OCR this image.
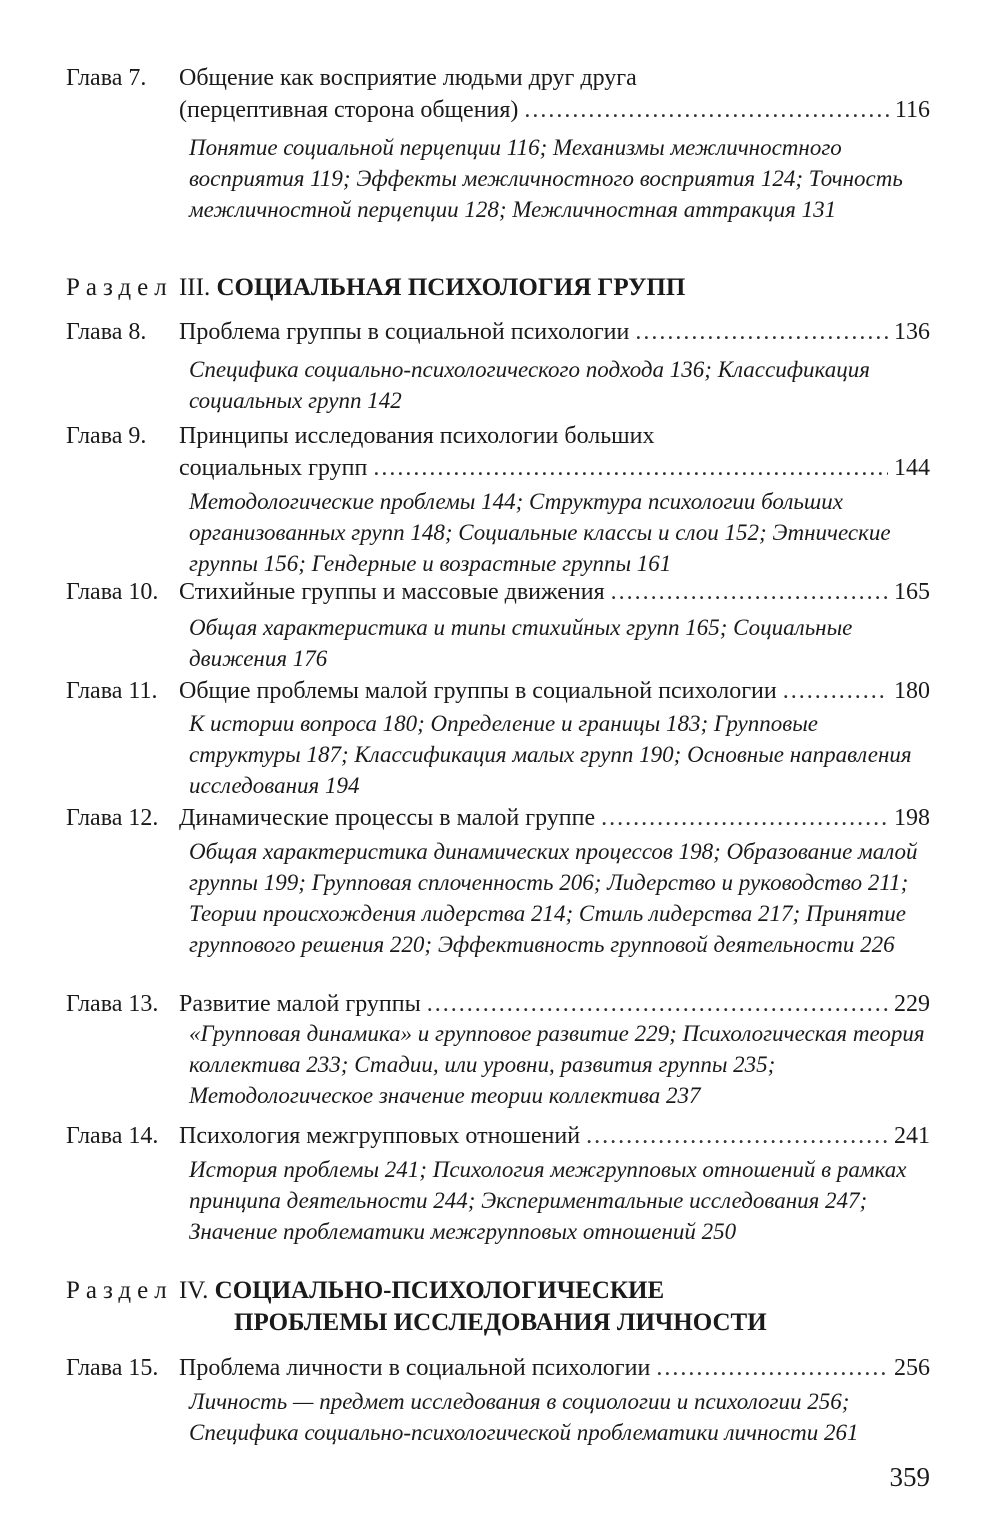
Глава 7. Общение как восприятие людьми друг друга
(перцептивная сторона общения) .....	116
Понятие социальной перцепции 116; Механизмы межличностного восприятия 119; Эффекты межличностного восприятия 124; Точность межличностной перцепции 128; Межличностная аттракция 131
Раздел III. СОЦИАЛЬНАЯ ПСИХОЛОГИЯ ГРУПП
Глава 8. Проблема группы в социальной психологии .....	136
Специфика социально-психологического подхода 136; Классификация социальных групп 142
Глава 9. Принципы исследования психологии больших
социальных групп .....	144
Методологические проблемы 144; Структура психологии больших организованных групп 148; Социальные классы и слои 152; Этнические группы 156; Гендерные и возрастные группы 161
Глава 10. Стихийные группы и массовые движения .....	165
Общая характеристика и типы стихийных групп 165; Социальные движения 176
Глава 11. Общие проблемы малой группы в социальной психологии .....	180
К истории вопроса 180; Определение и границы 183; Групповые структуры 187; Классификация малых групп 190; Основные направления исследования 194
Глава 12. Динамические процессы в малой группе .....	198
Общая характеристика динамических процессов 198; Образование малой группы 199; Групповая сплоченность 206; Лидерство и руководство 211; Теории происхождения лидерства 214; Стиль лидерства 217; Принятие группового решения 220; Эффективность групповой деятельности 226
Глава 13. Развитие малой группы .....	229
«Групповая динамика» и групповое развитие 229; Психологическая теория коллектива 233; Стадии, или уровни, развития группы 235; Методологическое значение теории коллектива 237
Глава 14. Психология межгрупповых отношений .....	241
История проблемы 241; Психология межгрупповых отношений в рамках принципа деятельности 244; Экспериментальные исследования 247; Значение проблематики межгрупповых отношений 250
Раздел IV. СОЦИАЛЬНО-ПСИХОЛОГИЧЕСКИЕ
ПРОБЛЕМЫ ИССЛЕДОВАНИЯ ЛИЧНОСТИ
Глава 15. Проблема личности в социальной психологии .....	256
Личность — предмет исследования в социологии и психологии 256; Специфика социально-психологической проблематики личности 261
359
